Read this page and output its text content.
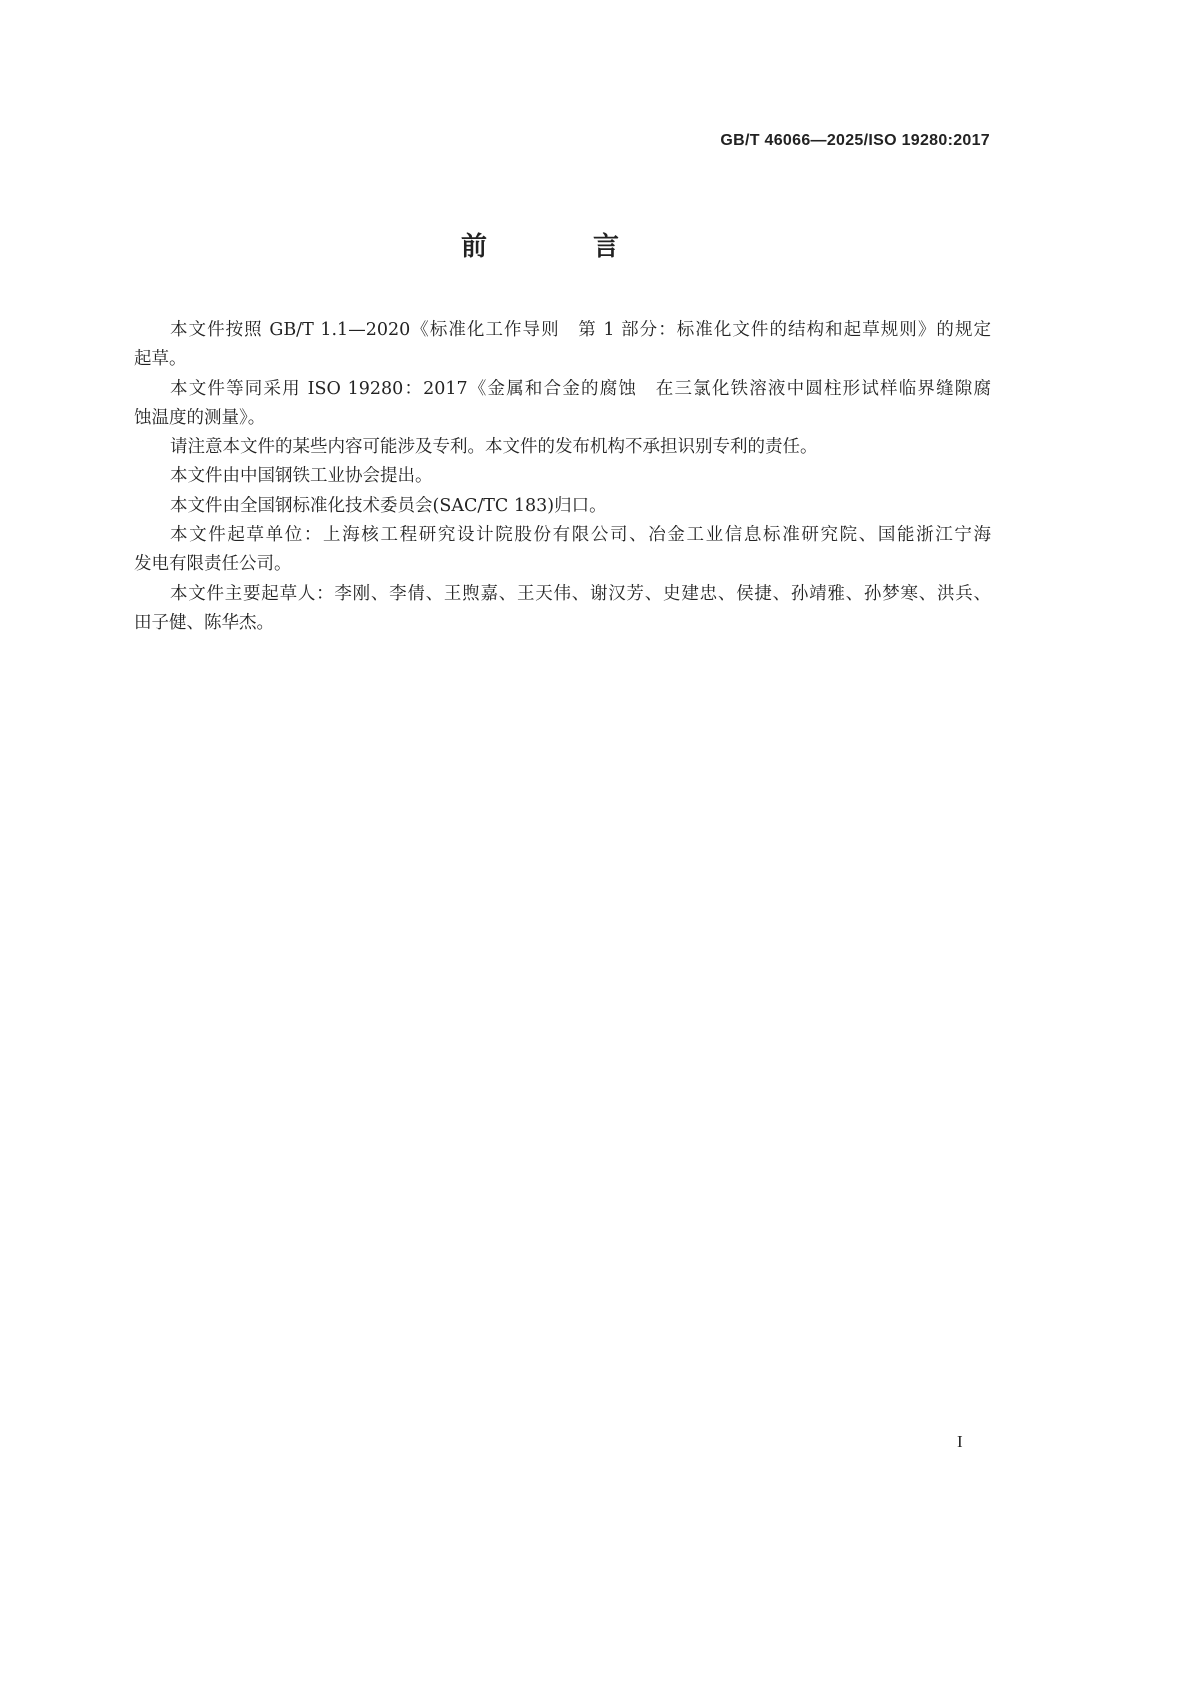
GB/T 46066—2025/ISO 19280:2017
前　言
本文件按照 GB/T 1.1—2020《标准化工作导则　第 1 部分：标准化文件的结构和起草规则》的规定
起草。
本文件等同采用 ISO 19280：2017《金属和合金的腐蚀　在三氯化铁溶液中圆柱形试样临界缝隙腐
蚀温度的测量》。
请注意本文件的某些内容可能涉及专利。本文件的发布机构不承担识别专利的责任。
本文件由中国钢铁工业协会提出。
本文件由全国钢标准化技术委员会(SAC/TC 183)归口。
本文件起草单位：上海核工程研究设计院股份有限公司、冶金工业信息标准研究院、国能浙江宁海
发电有限责任公司。
本文件主要起草人：李刚、李倩、王煦嘉、王天伟、谢汉芳、史建忠、侯捷、孙靖雅、孙梦寒、洪兵、
田子健、陈华杰。
I
